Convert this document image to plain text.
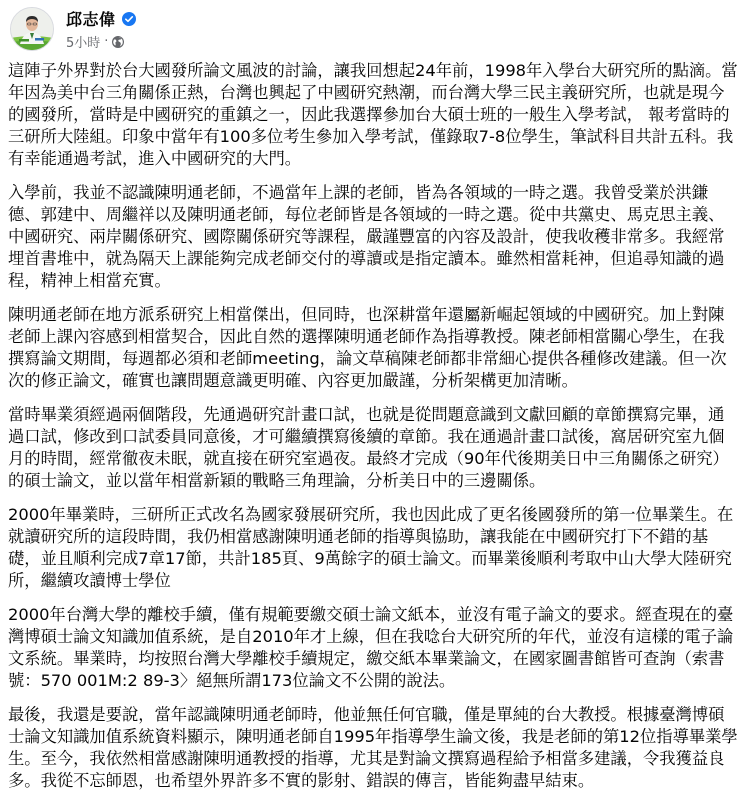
邱志偉
5小時 ·

這陣子外界對於台大國發所論文風波的討論，讓我回想起24年前，1998年入學台大研究所的點滴。當年因為美中台三角關係正熱，台灣也興起了中國研究熱潮，而台灣大學三民主義研究所，也就是現今的國發所，當時是中國研究的重鎮之一，因此我選擇參加台大碩士班的一般生入學考試， 報考當時的三研所大陸組。印象中當年有100多位考生參加入學考試，僅錄取7-8位學生，筆試科目共計五科。我有幸能通過考試，進入中國研究的大門。

入學前，我並不認識陳明通老師，不過當年上課的老師，皆為各領域的一時之選。我曾受業於洪鎌德、郭建中、周繼祥以及陳明通老師，每位老師皆是各領域的一時之選。從中共黨史、馬克思主義、中國研究、兩岸關係研究、國際關係研究等課程，嚴謹豐富的內容及設計，使我收穫非常多。我經常埋首書堆中，就為隔天上課能夠完成老師交付的導讀或是指定讀本。雖然相當耗神，但追尋知識的過程，精神上相當充實。

陳明通老師在地方派系研究上相當傑出，但同時，也深耕當年還屬新崛起領域的中國研究。加上對陳老師上課內容感到相當契合，因此自然的選擇陳明通老師作為指導教授。陳老師相當關心學生，在我撰寫論文期間，每週都必須和老師meeting，論文草稿陳老師都非常細心提供各種修改建議。但一次次的修正論文，確實也讓問題意識更明確、內容更加嚴謹，分析架構更加清晰。

當時畢業須經過兩個階段，先通過研究計畫口試，也就是從問題意識到文獻回顧的章節撰寫完畢，通過口試，修改到口試委員同意後，才可繼續撰寫後續的章節。我在通過計畫口試後，窩居研究室九個月的時間，經常徹夜未眠，就直接在研究室過夜。最終才完成（90年代後期美日中三角關係之研究）的碩士論文，並以當年相當新穎的戰略三角理論，分析美日中的三邊關係。

2000年畢業時，三研所正式改名為國家發展研究所，我也因此成了更名後國發所的第一位畢業生。在就讀研究所的這段時間，我仍相當感謝陳明通老師的指導與協助，讓我能在中國研究打下不錯的基礎，並且順利完成7章17節，共計185頁、9萬餘字的碩士論文。而畢業後順利考取中山大學大陸研究所，繼續攻讀博士學位

2000年台灣大學的離校手續，僅有規範要繳交碩士論文紙本，並沒有電子論文的要求。經查現在的臺灣博碩士論文知識加值系統，是自2010年才上線，但在我唸台大研究所的年代，並沒有這樣的電子論文系統。畢業時，均按照台灣大學離校手續規定，繳交紙本畢業論文，在國家圖書館皆可查詢（索書號：570 001M:2 89-3〉絕無所謂173位論文不公開的說法。

最後，我還是要說，當年認識陳明通老師時，他並無任何官職，僅是單純的台大教授。根據臺灣博碩士論文知識加值系統資料顯示，陳明通老師自1995年指導學生論文後，我是老師的第12位指導畢業學生。至今，我依然相當感謝陳明通教授的指導，尤其是對論文撰寫過程給予相當多建議，令我獲益良多。我從不忘師恩，也希望外界許多不實的影射、錯誤的傳言，皆能夠盡早結束。
